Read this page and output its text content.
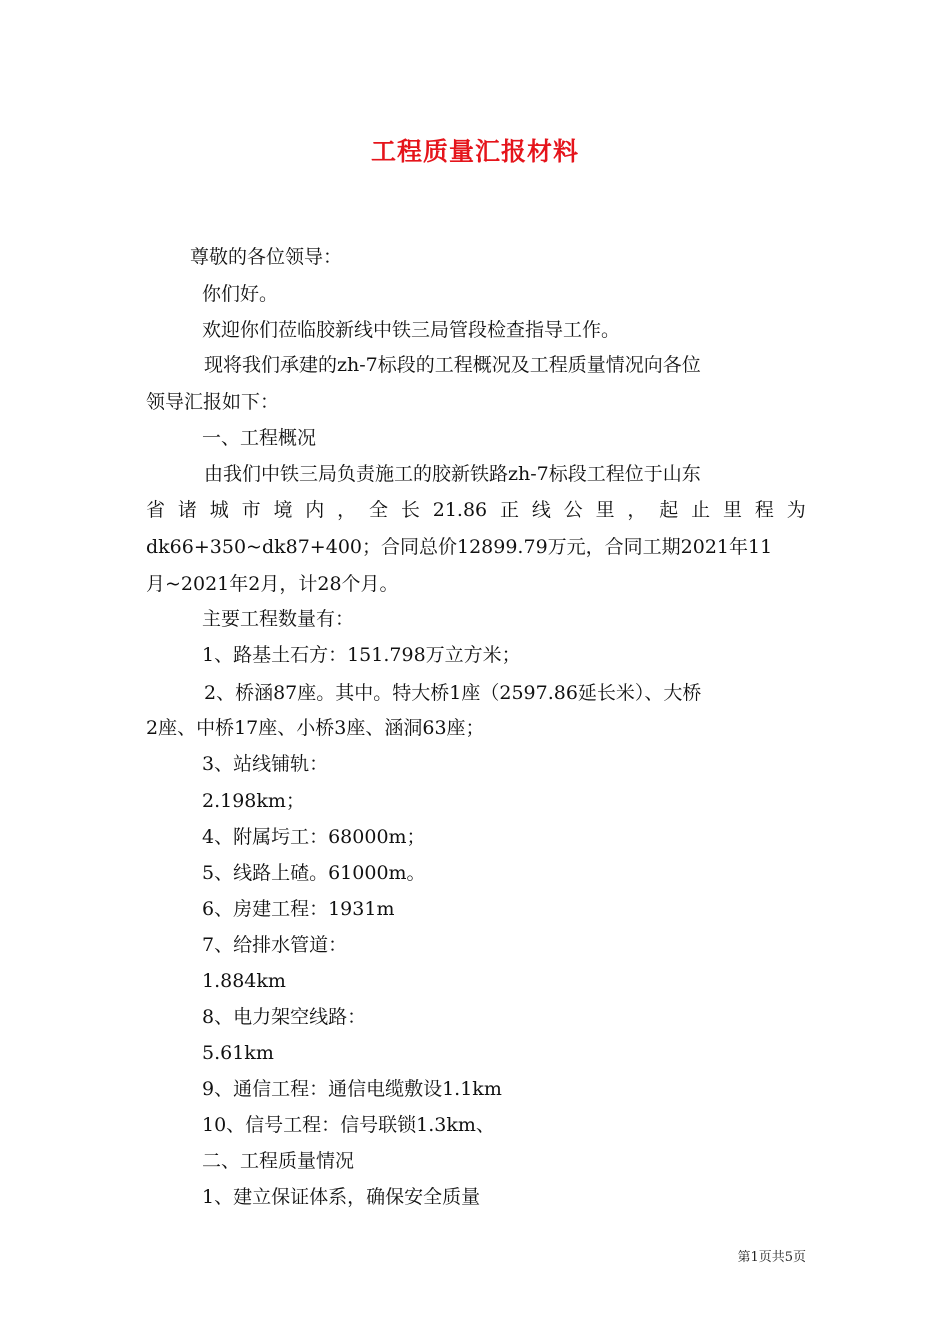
工程质量汇报材料
尊敬的各位领导：
你们好。
欢迎你们莅临胶新线中铁三局管段检查指导工作。
现将我们承建的zh-7标段的工程概况及工程质量情况向各位
领导汇报如下：
一、工程概况
由我们中铁三局负责施工的胶新铁路zh-7标段工程位于山东
省 诸 城 市 境 内 ， 全 长 21.86 正 线 公 里 ， 起 止 里 程 为
dk66+350~dk87+400；合同总价12899.79万元，合同工期2021年11
月~2021年2月，计28个月。
主要工程数量有：
1、路基土石方：151.798万立方米；
2、桥涵87座。其中。特大桥1座（2597.86延长米）、大桥
2座、中桥17座、小桥3座、涵洞63座；
3、站线铺轨：
2.198km；
4、附属圬工：68000m；
5、线路上碴。61000m。
6、房建工程：1931m
7、给排水管道：
1.884km
8、电力架空线路：
5.61km
9、通信工程：通信电缆敷设1.1km
10、信号工程：信号联锁1.3km、
二、工程质量情况
1、建立保证体系，确保安全质量
第1页共5页
